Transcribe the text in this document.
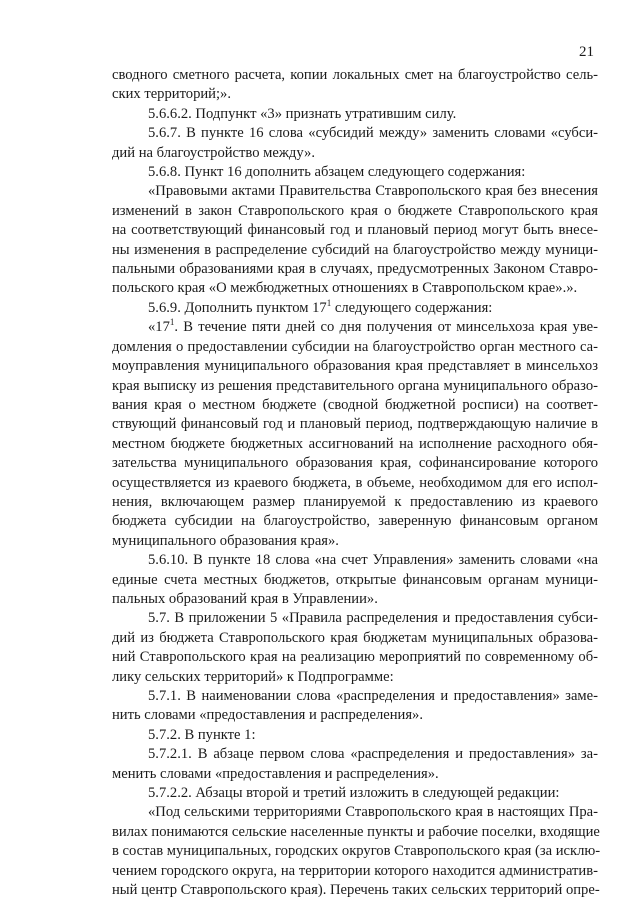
21
сводного сметного расчета, копии локальных смет на благоустройство сель-
ских территорий;».
5.6.6.2. Подпункт «3» признать утратившим силу.
5.6.7. В пункте 16 слова «субсидий между» заменить словами «субси-
дий на благоустройство между».
5.6.8. Пункт 16 дополнить абзацем следующего содержания:
«Правовыми актами Правительства Ставропольского края без внесения
изменений в закон Ставропольского края о бюджете Ставропольского края
на соответствующий финансовый год и плановый период могут быть внесе-
ны изменения в распределение субсидий на благоустройство между муници-
пальными образованиями края в случаях, предусмотренных Законом Ставро-
польского края «О межбюджетных отношениях в Ставропольском крае».».
5.6.9. Дополнить пунктом $17^1$ следующего содержания:
«$17^1$. В течение пяти дней со дня получения от минсельхоза края уве-
домления о предоставлении субсидии на благоустройство орган местного са-
моуправления муниципального образования края представляет в минсельхоз
края выписку из решения представительного органа муниципального образо-
вания края о местном бюджете (сводной бюджетной росписи) на соответ-
ствующий финансовый год и плановый период, подтверждающую наличие в
местном бюджете бюджетных ассигнований на исполнение расходного обя-
зательства муниципального образования края, софинансирование которого
осуществляется из краевого бюджета, в объеме, необходимом для его испол-
нения, включающем размер планируемой к предоставлению из краевого
бюджета субсидии на благоустройство, заверенную финансовым органом
муниципального образования края».
5.6.10. В пункте 18 слова «на счет Управления» заменить словами «на
единые счета местных бюджетов, открытые финансовым органам муници-
пальных образований края в Управлении».
5.7. В приложении 5 «Правила распределения и предоставления субси-
дий из бюджета Ставропольского края бюджетам муниципальных образова-
ний Ставропольского края на реализацию мероприятий по современному об-
лику сельских территорий» к Подпрограмме:
5.7.1. В наименовании слова «распределения и предоставления» заме-
нить словами «предоставления и распределения».
5.7.2. В пункте 1:
5.7.2.1. В абзаце первом слова «распределения и предоставления» за-
менить словами «предоставления и распределения».
5.7.2.2. Абзацы второй и третий изложить в следующей редакции:
«Под сельскими территориями Ставропольского края в настоящих Пра-
вилах понимаются сельские населенные пункты и рабочие поселки, входящие
в состав муниципальных, городских округов Ставропольского края (за исклю-
чением городского округа, на территории которого находится административ-
ный центр Ставропольского края). Перечень таких сельских территорий опре-
